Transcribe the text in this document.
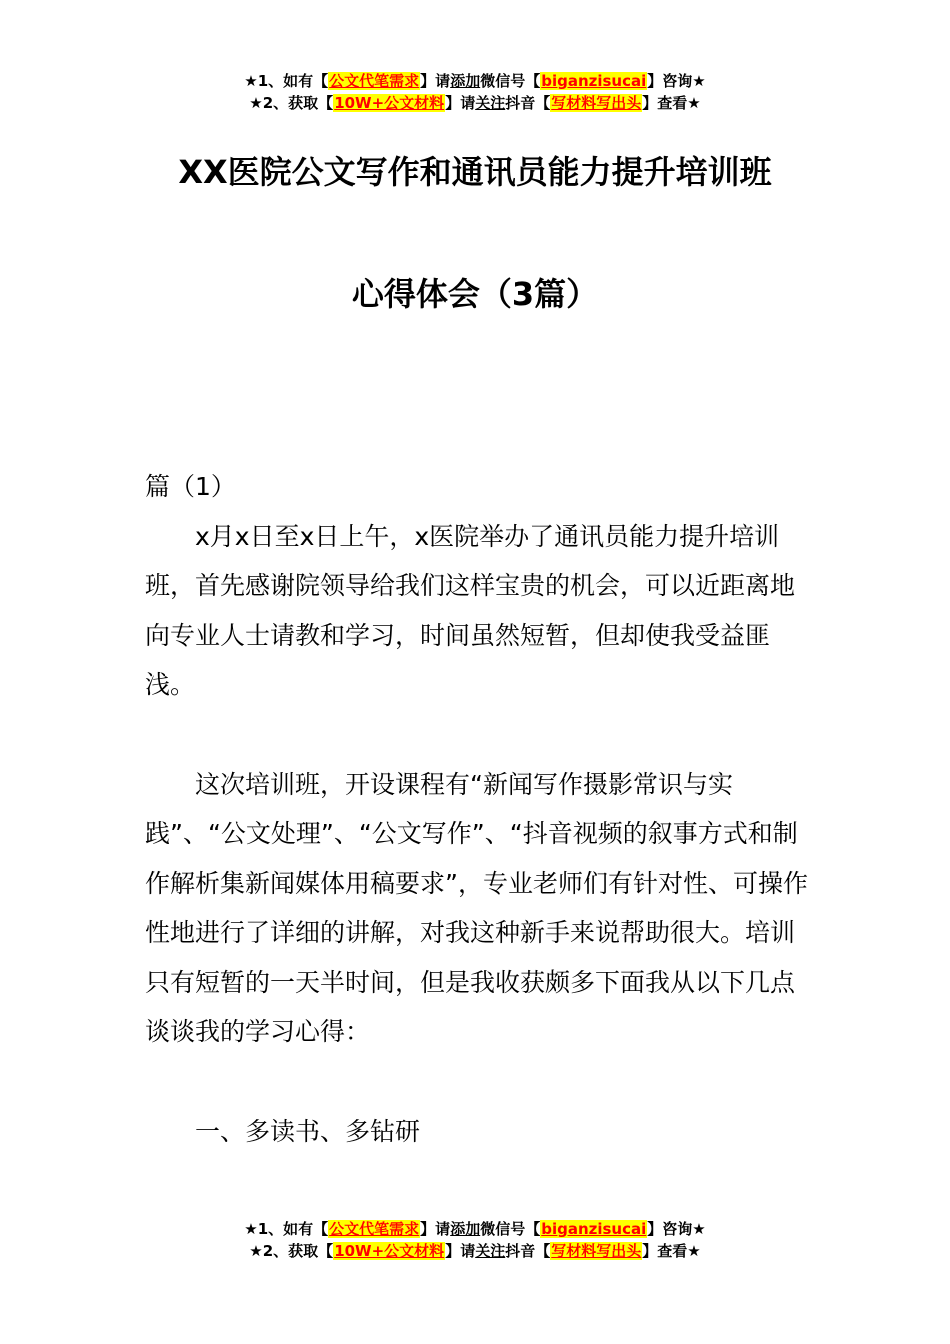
★1、如有【公文代笔需求】请添加微信号【biganzisucai】咨询★
★2、获取【10W+公文材料】请关注抖音【写材料写出头】查看★
XX医院公文写作和通讯员能力提升培训班
心得体会（3篇）

篇（1）

x月x日至x日上午，x医院举办了通讯员能力提升培训班，首先感谢院领导给我们这样宝贵的机会，可以近距离地向专业人士请教和学习，时间虽然短暂，但却使我受益匪浅。

这次培训班，开设课程有“新闻写作摄影常识与实践”、“公文处理”、“公文写作”、“抖音视频的叙事方式和制作解析集新闻媒体用稿要求”，专业老师们有针对性、可操作性地进行了详细的讲解，对我这种新手来说帮助很大。培训只有短暂的一天半时间，但是我收获颇多下面我从以下几点谈谈我的学习心得：

一、多读书、多钻研

★1、如有【公文代笔需求】请添加微信号【biganzisucai】咨询★
★2、获取【10W+公文材料】请关注抖音【写材料写出头】查看★
